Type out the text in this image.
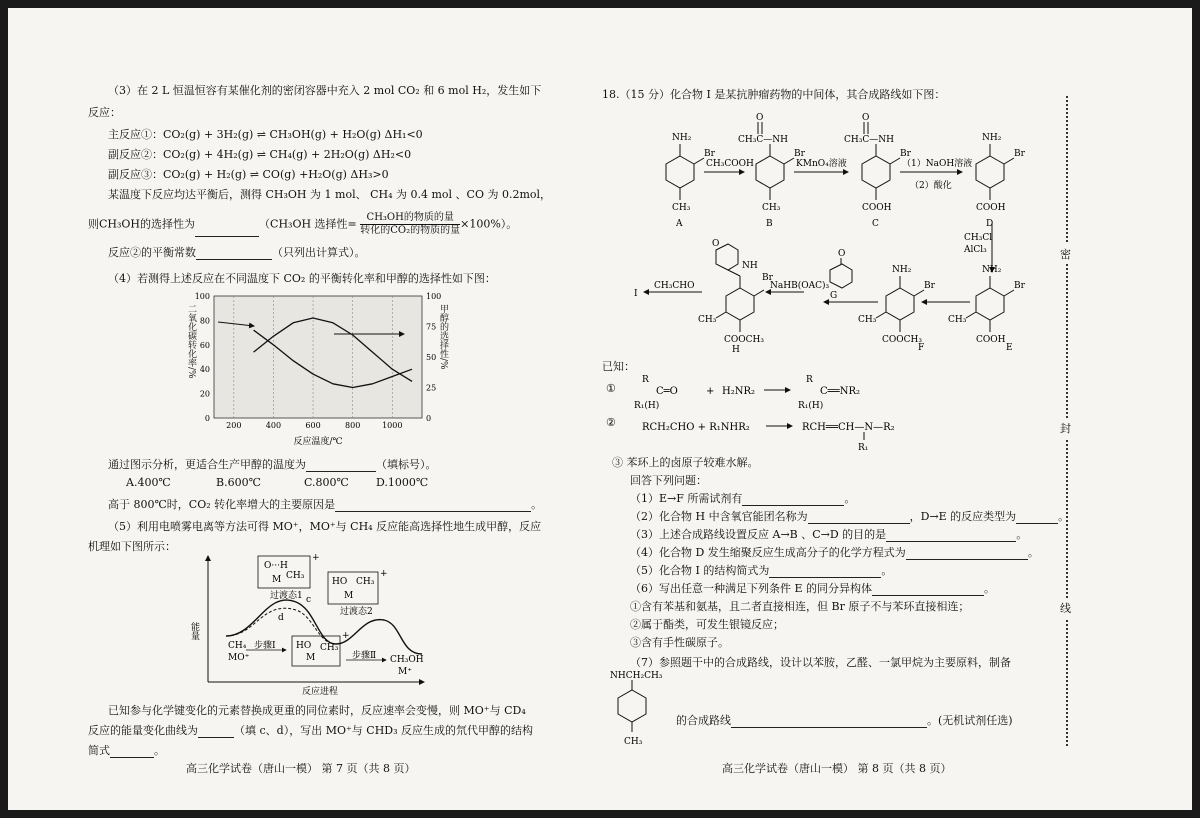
（3）在 2 L 恒温恒容有某催化剂的密闭容器中充入 2 mol CO₂ 和 6 mol H₂，发生如下
反应：
主反应①：CO₂(g) + 3H₂(g) ⇌ CH₃OH(g) + H₂O(g) ΔH₁<0
副反应②：CO₂(g) + 4H₂(g) ⇌ CH₄(g) + 2H₂O(g) ΔH₂<0
副反应③：CO₂(g) + H₂(g) ⇌ CO(g) +H₂O(g) ΔH₃>0
某温度下反应均达平衡后，测得 CH₃OH 为 1 mol、 CH₄ 为 0.4 mol 、CO 为 0.2mol，
则CH₃OH的选择性为	（CH₃OH 选择性= $\frac{\text{CH₃OH的物质的量}}{\text{转化的CO₂的物质的量}} \times 100\%$）。
反应②的平衡常数	（只列出计算式）。
（4）若测得上述反应在不同温度下 CO₂ 的平衡转化率和甲醇的选择性如下图：
200	400	600	800	1000
0
20
40
60
80
100
0
25
50
75
100
反应温度/℃
二氧化碳转化率/%	甲醇的选择性/%
通过图示分析，更适合生产甲醇的温度为	（填标号）。
A.400℃	B.600℃	C.800℃ D.1000℃
高于 800℃时，CO₂ 转化率增大的主要原因是	。
（5）利用电喷雾电离等方法可得 MO⁺，MO⁺与 CH₄ 反应能高选择性地生成甲醇，反应
机理如下图所示：
能量
反应进程
过渡态1
过渡态2
c
d
CH₄
MO⁺
步骤Ⅰ
步骤Ⅱ CH₃OH
M⁺
HO
M
CH₃
+
O···H
M CH₃
+
HO
M
CH₃
+
已知参与化学键变化的元素替换成更重的同位素时，反应速率会变慢，则 MO⁺与 CD₄
反应的能量变化曲线为	（填 c、d），写出 MO⁺与 CHD₃ 反应生成的氘代甲醇的结构
简式	。
高三化学试卷（唐山一模） 第 7 页（共 8 页）
18.（15 分）化合物 I 是某抗肿瘤药物的中间体，其合成路线如下图：
NH₂
Br
CH₃
A
CH₃COOH
O
CH₃C—NH
Br
CH₃
B
KMnO₄溶液
O
CH₃C—NH
Br
COOH
C
（1）NaOH溶液
（2）酸化
NH₂
Br
COOH
D
CH₃Cl
AlCl₃
NH₂
Br
CH₃
COOH
E
NH₂
Br
CH₃
COOCH₃
F
O
G
NaHB(OAC)₃
NH
Br
O
CH₃
COOCH₃
H
CH₃CHO
I
已知：
①
R
C═O
R₁(H)
+ H₂NR₂
R
C══NR₂
R₁(H)
②	RCH₂CHO + R₁NHR₂	RCH══CH—N—R₂
R₁
③ 苯环上的卤原子较难水解。
回答下列问题：
（1）E→F 所需试剂有	。
（2）化合物 H 中含氧官能团名称为	，D→E 的反应类型为	。
（3）上述合成路线设置反应 A→B 、C→D 的目的是	。
（4）化合物 D 发生缩聚反应生成高分子的化学方程式为	。
（5）化合物 I 的结构简式为	。
（6）写出任意一种满足下列条件 E 的同分异构体	。
①含有苯基和氨基，且二者直接相连，但 Br 原子不与苯环直接相连；
②属于酯类，可发生银镜反应；
③含有手性碳原子。
（7）参照题干中的合成路线，设计以苯胺，乙醛、一氯甲烷为主要原料，制备
NHCH₂CH₃
CH₃
的合成路线	。(无机试剂任选)
高三化学试卷（唐山一模） 第 8 页（共 8 页）
密
封
线
